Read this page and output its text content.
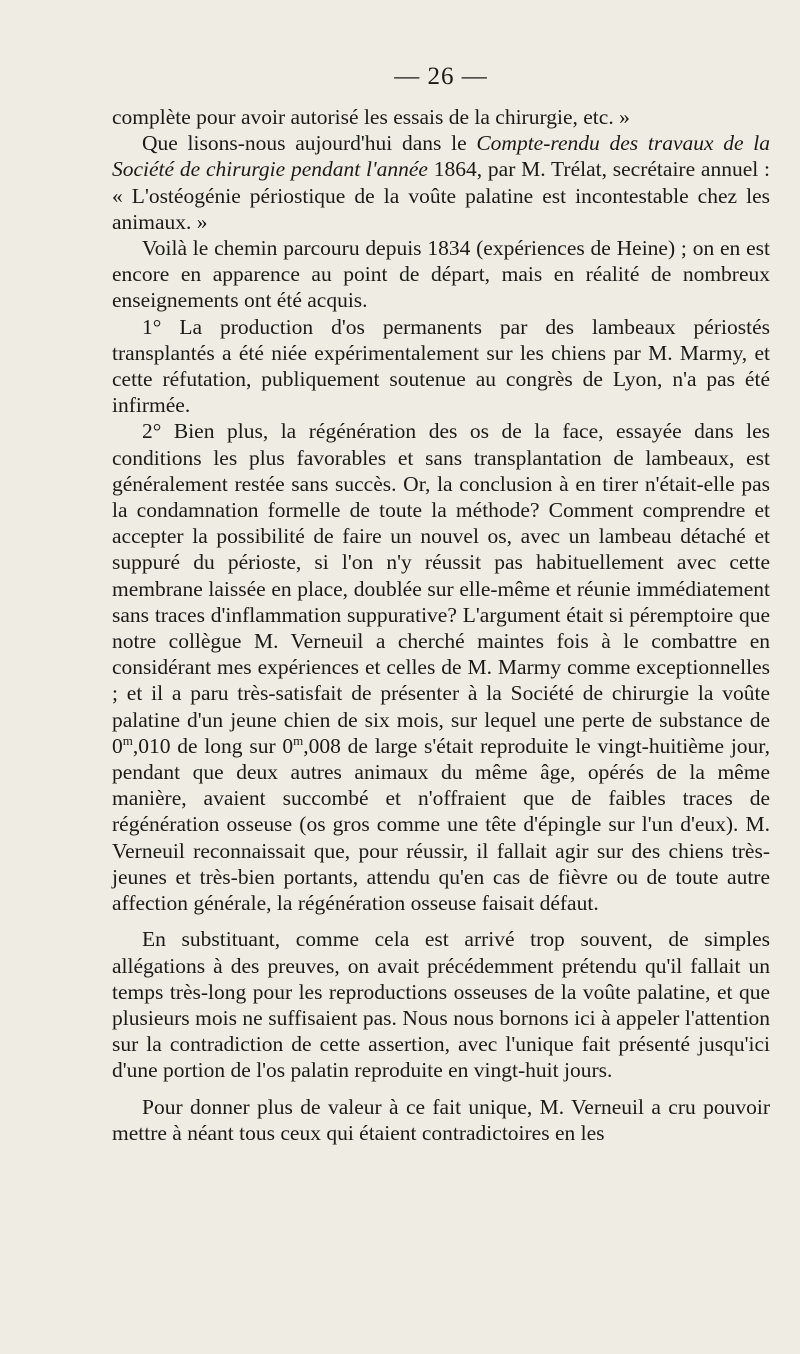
— 26 —

complète pour avoir autorisé les essais de la chirurgie, etc. »

Que lisons-nous aujourd'hui dans le Compte-rendu des travaux de la Société de chirurgie pendant l'année 1864, par M. Trélat, secrétaire annuel : « L'ostéogénie périostique de la voûte palatine est incontestable chez les animaux. »

Voilà le chemin parcouru depuis 1834 (expériences de Heine) ; on en est encore en apparence au point de départ, mais en réalité de nombreux enseignements ont été acquis.

1° La production d'os permanents par des lambeaux périostés transplantés a été niée expérimentalement sur les chiens par M. Marmy, et cette réfutation, publiquement soutenue au congrès de Lyon, n'a pas été infirmée.

2° Bien plus, la régénération des os de la face, essayée dans les conditions les plus favorables et sans transplantation de lambeaux, est généralement restée sans succès. Or, la conclusion à en tirer n'était-elle pas la condamnation formelle de toute la méthode? Comment comprendre et accepter la possibilité de faire un nouvel os, avec un lambeau détaché et suppuré du périoste, si l'on n'y réussit pas habituellement avec cette membrane laissée en place, doublée sur elle-même et réunie immédiatement sans traces d'inflammation suppurative? L'argument était si péremptoire que notre collègue M. Verneuil a cherché maintes fois à le combattre en considérant mes expériences et celles de M. Marmy comme exceptionnelles ; et il a paru très-satisfait de présenter à la Société de chirurgie la voûte palatine d'un jeune chien de six mois, sur lequel une perte de substance de 0$^m$,010 de long sur 0$^m$,008 de large s'était reproduite le vingt-huitième jour, pendant que deux autres animaux du même âge, opérés de la même manière, avaient succombé et n'offraient que de faibles traces de régénération osseuse (os gros comme une tête d'épingle sur l'un d'eux). M. Verneuil reconnaissait que, pour réussir, il fallait agir sur des chiens très-jeunes et très-bien portants, attendu qu'en cas de fièvre ou de toute autre affection générale, la régénération osseuse faisait défaut.

En substituant, comme cela est arrivé trop souvent, de simples allégations à des preuves, on avait précédemment prétendu qu'il fallait un temps très-long pour les reproductions osseuses de la voûte palatine, et que plusieurs mois ne suffisaient pas. Nous nous bornons ici à appeler l'attention sur la contradiction de cette assertion, avec l'unique fait présenté jusqu'ici d'une portion de l'os palatin reproduite en vingt-huit jours.

Pour donner plus de valeur à ce fait unique, M. Verneuil a cru pouvoir mettre à néant tous ceux qui étaient contradictoires en les
